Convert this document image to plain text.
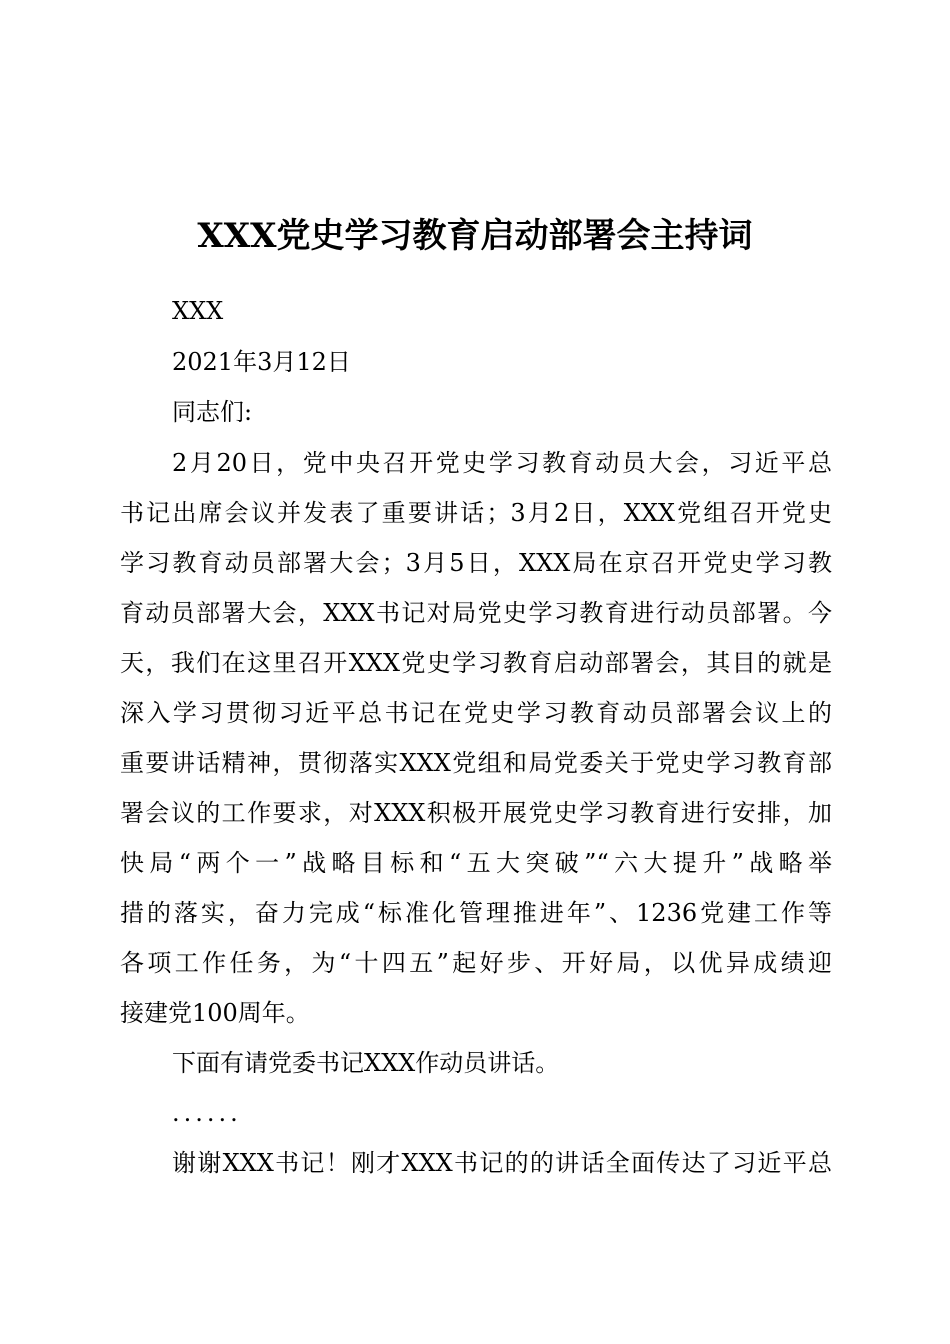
XXX党史学习教育启动部署会主持词
XXX
2021年3月12日
同志们:
2月20日，党中央召开党史学习教育动员大会，习近平总
书记出席会议并发表了重要讲话；3月2日，XXX党组召开党史
学习教育动员部署大会；3月5日，XXX局在京召开党史学习教
育动员部署大会，XXX书记对局党史学习教育进行动员部署。今
天，我们在这里召开XXX党史学习教育启动部署会，其目的就是
深入学习贯彻习近平总书记在党史学习教育动员部署会议上的
重要讲话精神，贯彻落实XXX党组和局党委关于党史学习教育部
署会议的工作要求，对XXX积极开展党史学习教育进行安排，加
快局“两个一”战略目标和“五大突破”“六大提升”战略举
措的落实，奋力完成“标准化管理推进年”、1236党建工作等
各项工作任务，为“十四五”起好步、开好局，以优异成绩迎
接建党100周年。
下面有请党委书记XXX作动员讲话。
......
谢谢XXX书记！刚才XXX书记的的讲话全面传达了习近平总
